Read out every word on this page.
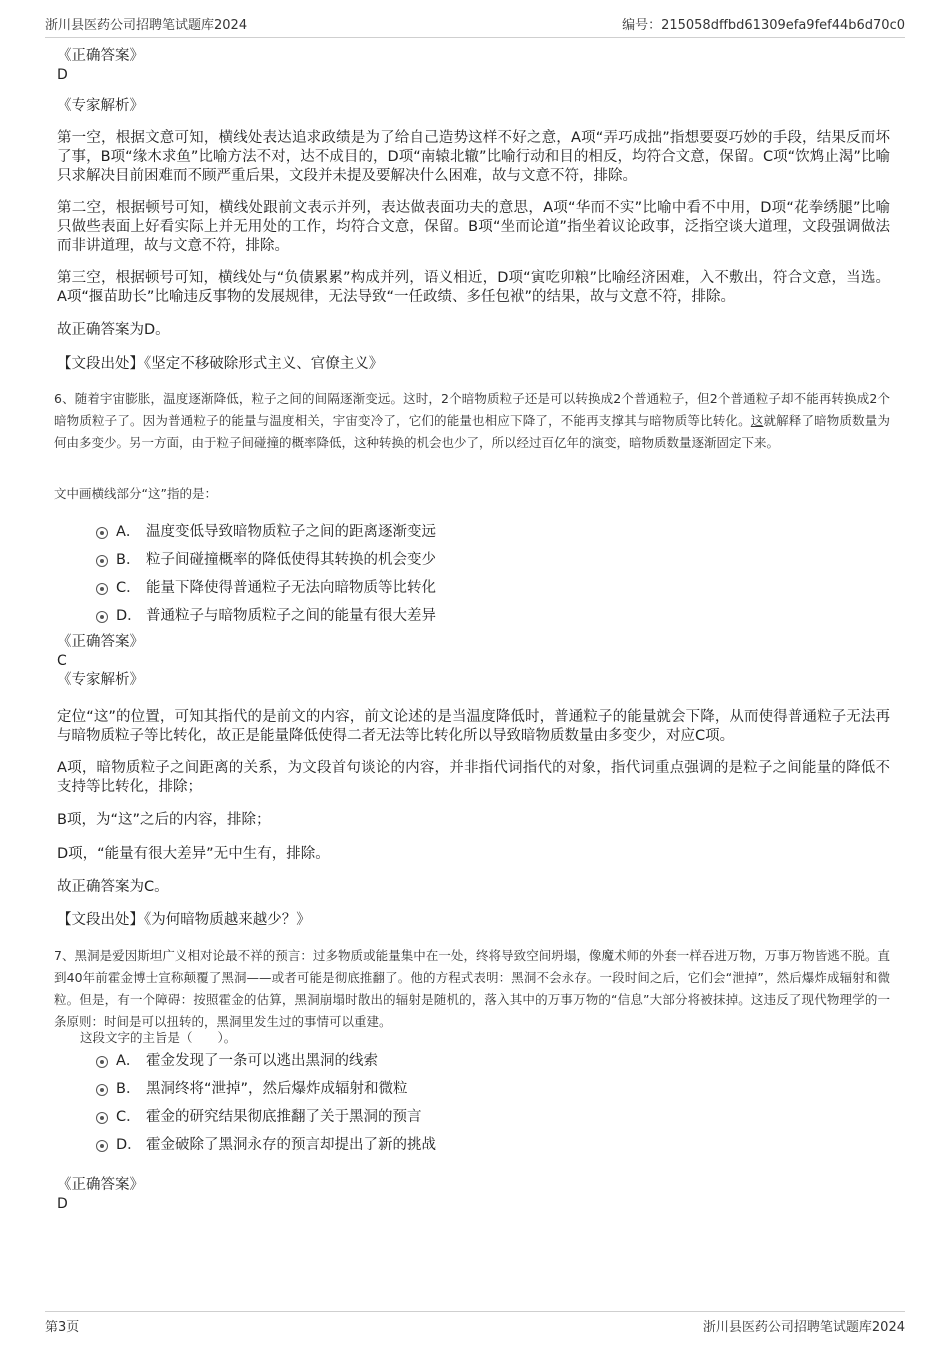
浙川县医药公司招聘笔试题库2024	编号：215058dffbd61309efa9fef44b6d70c0

《正确答案》

D

《专家解析》

第一空，根据文意可知，横线处表达追求政绩是为了给自己造势这样不好之意，A项“弄巧成拙”指想要耍巧妙的手段，结果反而坏了事，B项“缘木求鱼”比喻方法不对，达不成目的，D项“南辕北辙”比喻行动和目的相反，均符合文意，保留。C项“饮鸩止渴”比喻只求解决目前困难而不顾严重后果，文段并未提及要解决什么困难，故与文意不符，排除。

第二空，根据顿号可知，横线处跟前文表示并列，表达做表面功夫的意思，A项“华而不实”比喻中看不中用，D项“花拳绣腿”比喻只做些表面上好看实际上并无用处的工作，均符合文意，保留。B项“坐而论道”指坐着议论政事，泛指空谈大道理，文段强调做法而非讲道理，故与文意不符，排除。

第三空，根据顿号可知，横线处与“负债累累”构成并列，语义相近，D项“寅吃卯粮”比喻经济困难，入不敷出，符合文意，当选。A项“揠苗助长”比喻违反事物的发展规律，无法导致“一任政绩、多任包袱”的结果，故与文意不符，排除。

故正确答案为D。

【文段出处】《坚定不移破除形式主义、官僚主义》

6、随着宇宙膨胀，温度逐渐降低，粒子之间的间隔逐渐变远。这时，2个暗物质粒子还是可以转换成2个普通粒子，但2个普通粒子却不能再转换成2个暗物质粒子了。因为普通粒子的能量与温度相关，宇宙变冷了，它们的能量也相应下降了，不能再支撑其与暗物质等比转化。这就解释了暗物质数量为何由多变少。另一方面，由于粒子间碰撞的概率降低，这种转换的机会也少了，所以经过百亿年的演变，暗物质数量逐渐固定下来。

文中画横线部分“这”指的是：

A． 温度变低导致暗物质粒子之间的距离逐渐变远
B． 粒子间碰撞概率的降低使得其转换的机会变少
C． 能量下降使得普通粒子无法向暗物质等比转化
D． 普通粒子与暗物质粒子之间的能量有很大差异

《正确答案》

C

《专家解析》

定位“这”的位置，可知其指代的是前文的内容，前文论述的是当温度降低时，普通粒子的能量就会下降，从而使得普通粒子无法再与暗物质粒子等比转化，故正是能量降低使得二者无法等比转化所以导致暗物质数量由多变少，对应C项。

A项，暗物质粒子之间距离的关系，为文段首句谈论的内容，并非指代词指代的对象，指代词重点强调的是粒子之间能量的降低不支持等比转化，排除；

B项，为“这”之后的内容，排除；

D项，“能量有很大差异”无中生有，排除。

故正确答案为C。

【文段出处】《为何暗物质越来越少？》

7、黑洞是爱因斯坦广义相对论最不祥的预言：过多物质或能量集中在一处，终将导致空间坍塌，像魔术师的外套一样吞进万物，万事万物皆逃不脱。直到40年前霍金博士宣称颠覆了黑洞——或者可能是彻底推翻了。他的方程式表明：黑洞不会永存。一段时间之后，它们会“泄掉”，然后爆炸成辐射和微粒。但是，有一个障碍：按照霍金的估算，黑洞崩塌时散出的辐射是随机的，落入其中的万事万物的“信息”大部分将被抹掉。这违反了现代物理学的一条原则：时间是可以扭转的，黑洞里发生过的事情可以重建。

这段文字的主旨是（　　）。

A． 霍金发现了一条可以逃出黑洞的线索
B． 黑洞终将“泄掉”，然后爆炸成辐射和微粒
C． 霍金的研究结果彻底推翻了关于黑洞的预言
D． 霍金破除了黑洞永存的预言却提出了新的挑战

《正确答案》

D

第3页	浙川县医药公司招聘笔试题库2024
